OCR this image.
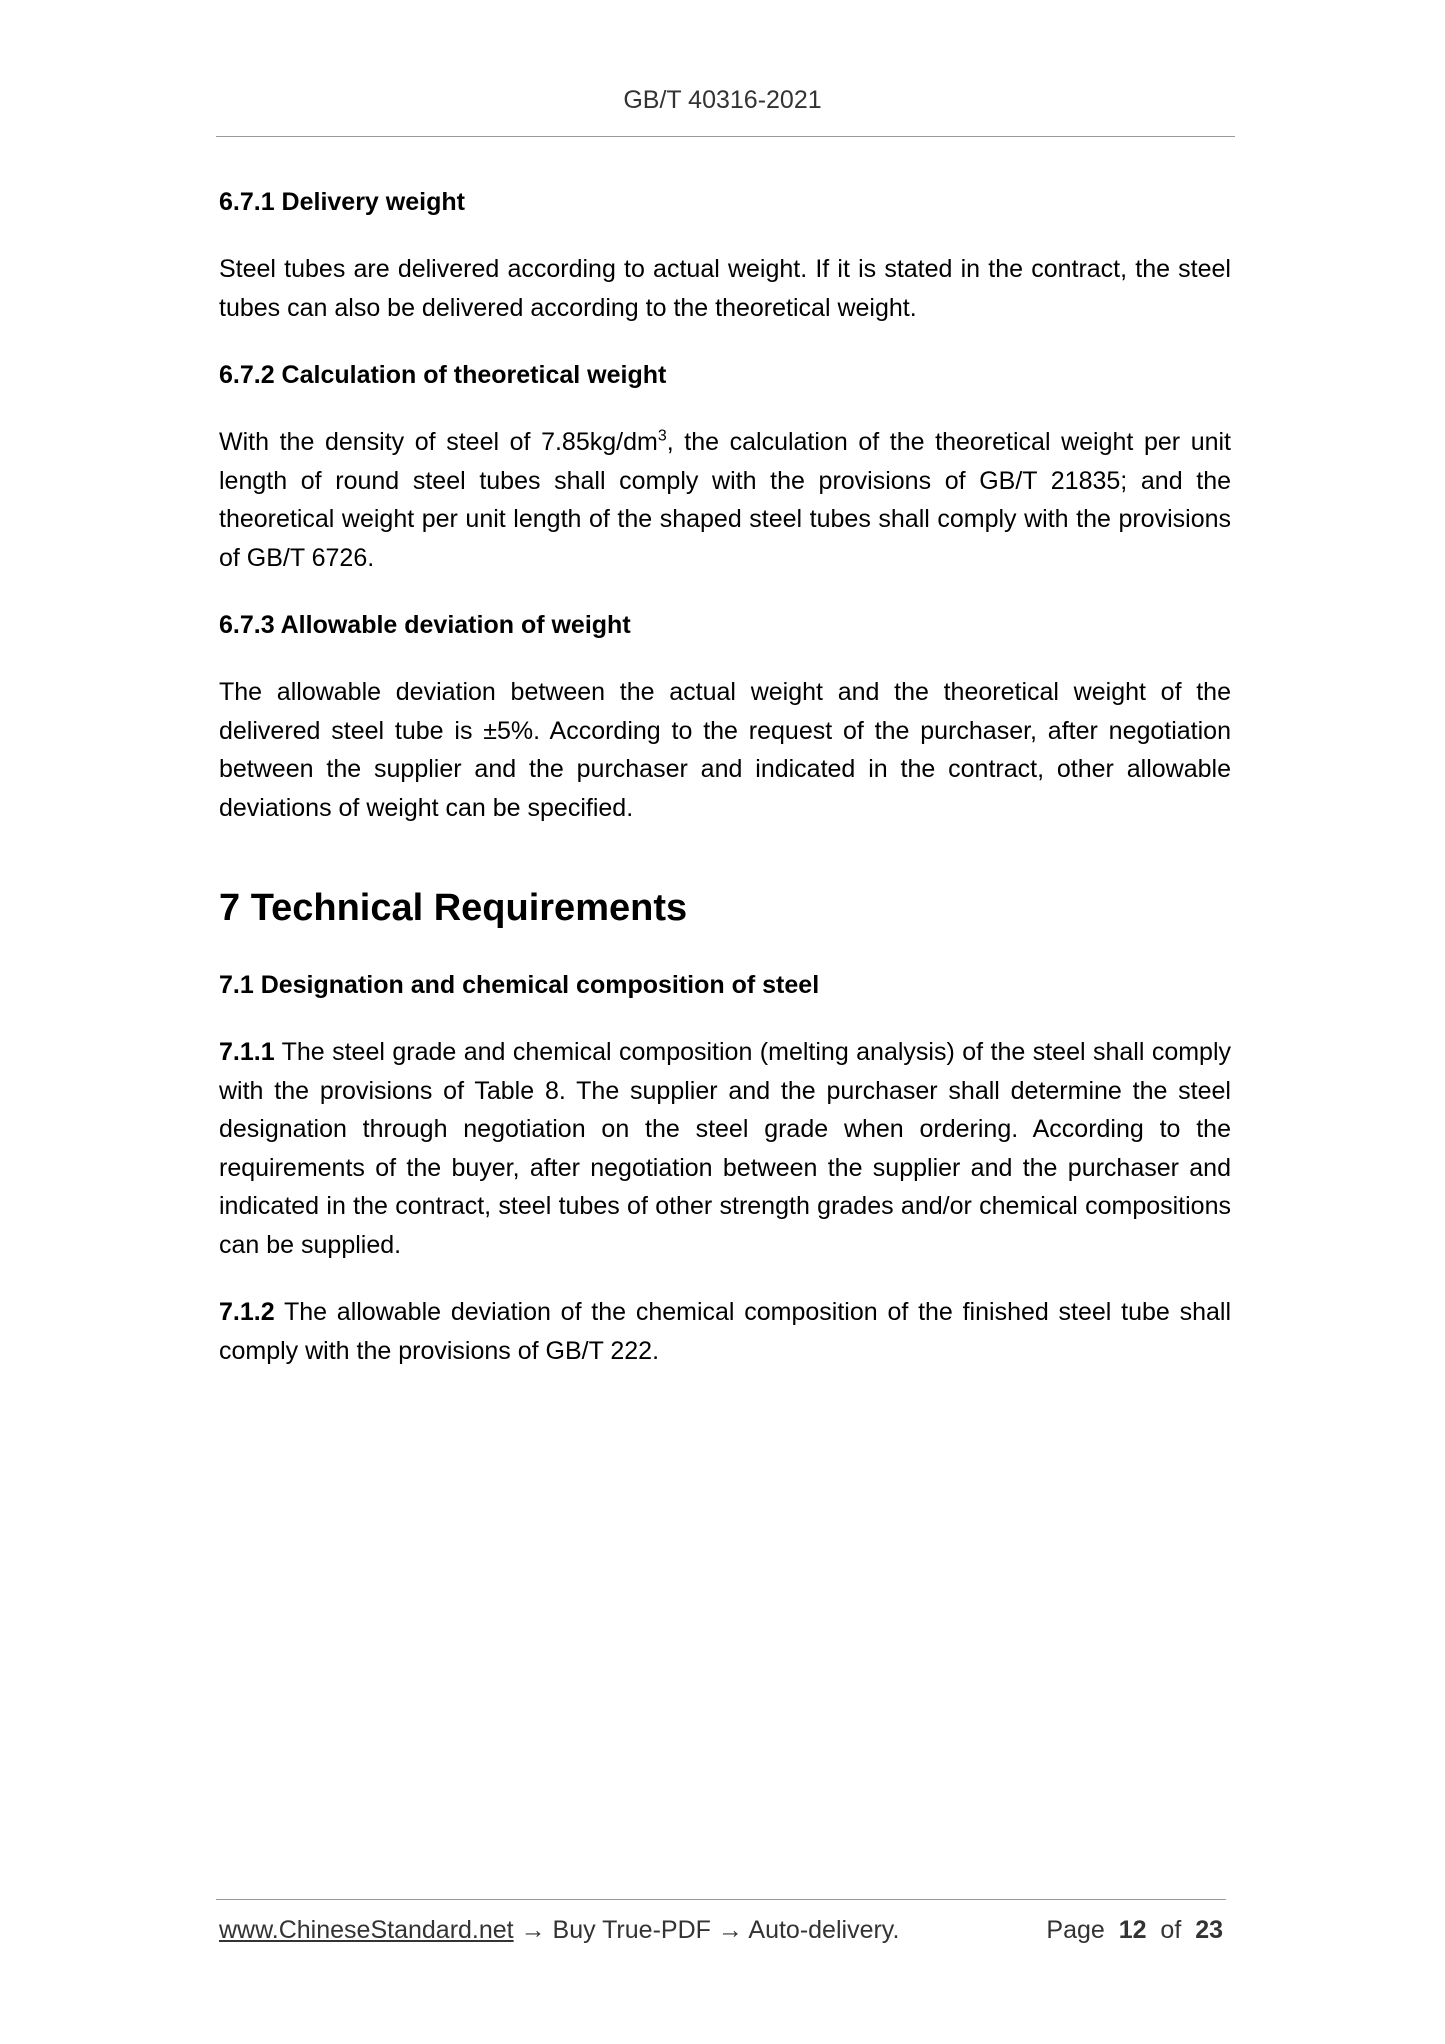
GB/T 40316-2021

6.7.1 Delivery weight

Steel tubes are delivered according to actual weight. If it is stated in the contract, the steel tubes can also be delivered according to the theoretical weight.

6.7.2 Calculation of theoretical weight

With the density of steel of $7.85kg/dm^3$, the calculation of the theoretical weight per unit length of round steel tubes shall comply with the provisions of GB/T 21835; and the theoretical weight per unit length of the shaped steel tubes shall comply with the provisions of GB/T 6726.

6.7.3 Allowable deviation of weight

The allowable deviation between the actual weight and the theoretical weight of the delivered steel tube is ±5%. According to the request of the purchaser, after negotiation between the supplier and the purchaser and indicated in the contract, other allowable deviations of weight can be specified.

7 Technical Requirements

7.1 Designation and chemical composition of steel

7.1.1 The steel grade and chemical composition (melting analysis) of the steel shall comply with the provisions of Table 8. The supplier and the purchaser shall determine the steel designation through negotiation on the steel grade when ordering. According to the requirements of the buyer, after negotiation between the supplier and the purchaser and indicated in the contract, steel tubes of other strength grades and/or chemical compositions can be supplied.

7.1.2 The allowable deviation of the chemical composition of the finished steel tube shall comply with the provisions of GB/T 222.

www.ChineseStandard.net → Buy True-PDF → Auto-delivery.	Page 12 of 23
